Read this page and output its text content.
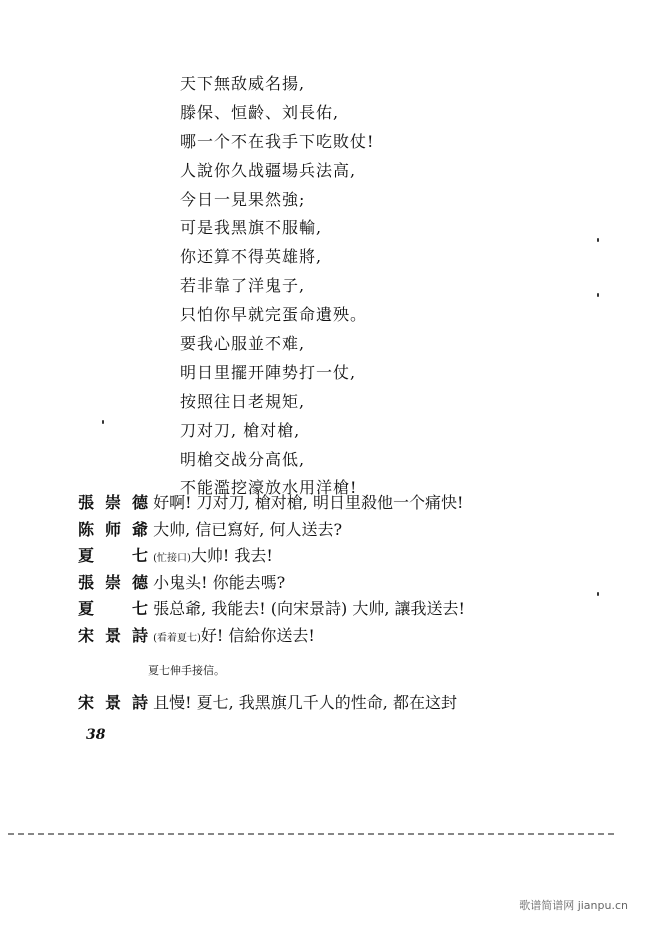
天下無敌威名揚,
滕保、恒齡、刘長佑,
哪一个不在我手下吃敗仗!
人說你久战疆場兵法高,
今日一見果然強;
可是我黑旗不服輸,
你还算不得英雄將,
若非靠了洋鬼子,
只怕你早就完蛋命遺殃。
要我心服並不难,
明日里擺开陣势打一仗,
按照往日老規矩,
刀对刀, 槍对槍,
明槍交战分高低,
不能濫挖濠放水用洋槍!
張崇德 好啊! 刀对刀, 槍对槍, 明日里殺他一个痛快!
陈师爺 大帅, 信已寫好, 何人送去?
夏七 (忙接口)大帅! 我去!
張崇德 小鬼头! 你能去嗎?
夏七 張总爺, 我能去! (向宋景詩) 大帅, 讓我送去!
宋景詩 (看着夏七)好! 信給你送去!
夏七伸手接信。
宋景詩 且慢! 夏七, 我黑旗几千人的性命, 都在这封
38
歌谱简谱网 jianpu.cn
